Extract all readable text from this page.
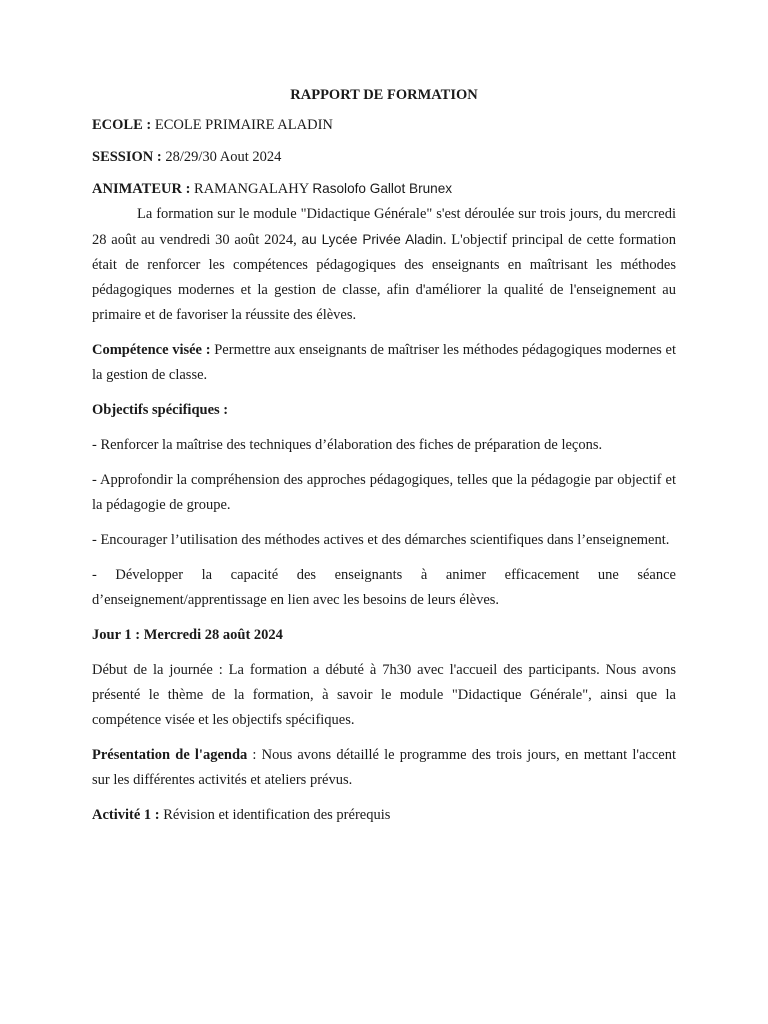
RAPPORT DE FORMATION
ECOLE : ECOLE PRIMAIRE ALADIN
SESSION : 28/29/30 Aout 2024
ANIMATEUR : RAMANGALAHY Rasolofo Gallot Brunex

La formation sur le module "Didactique Générale" s'est déroulée sur trois jours, du mercredi 28 août au vendredi 30 août 2024, au Lycée Privée Aladin. L'objectif principal de cette formation était de renforcer les compétences pédagogiques des enseignants en maîtrisant les méthodes pédagogiques modernes et la gestion de classe, afin d'améliorer la qualité de l'enseignement au primaire et de favoriser la réussite des élèves.

Compétence visée : Permettre aux enseignants de maîtriser les méthodes pédagogiques modernes et la gestion de classe.

Objectifs spécifiques :

- Renforcer la maîtrise des techniques d’élaboration des fiches de préparation de leçons.

- Approfondir la compréhension des approches pédagogiques, telles que la pédagogie par objectif et la pédagogie de groupe.

- Encourager l’utilisation des méthodes actives et des démarches scientifiques dans l’enseignement.

- Développer la capacité des enseignants à animer efficacement une séance d’enseignement/apprentissage en lien avec les besoins de leurs élèves.

Jour 1 : Mercredi 28 août 2024

Début de la journée : La formation a débuté à 7h30 avec l'accueil des participants. Nous avons présenté le thème de la formation, à savoir le module "Didactique Générale", ainsi que la compétence visée et les objectifs spécifiques.

Présentation de l'agenda : Nous avons détaillé le programme des trois jours, en mettant l'accent sur les différentes activités et ateliers prévus.

Activité 1 : Révision et identification des prérequis
